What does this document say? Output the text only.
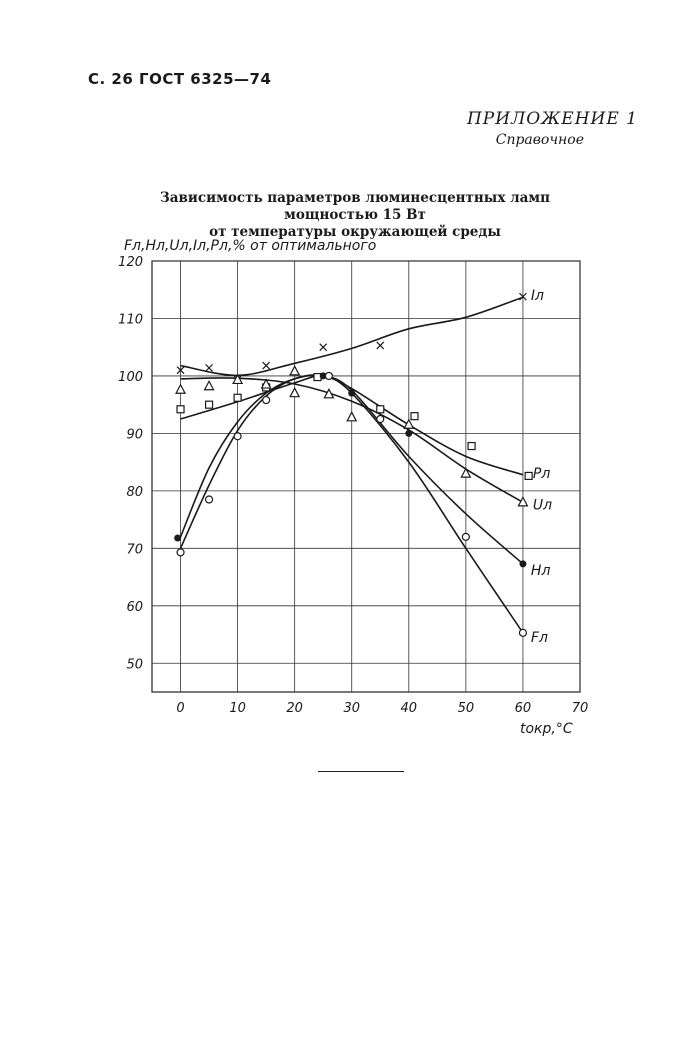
С. 26 ГОСТ 6325—74
ПРИЛОЖЕНИЕ 1
Справочное
Зависимость параметров люминесцентных ламп мощностью 15 Вт
от температуры окружающей среды
0	10	20	30	40	50	60	70
50
60
70
80
90
100
110
120
Iл
Pл
Uл
Hл
Fл
Fл,Hл,Uл,Iл,Pл,% от оптимального
tокр,°C
